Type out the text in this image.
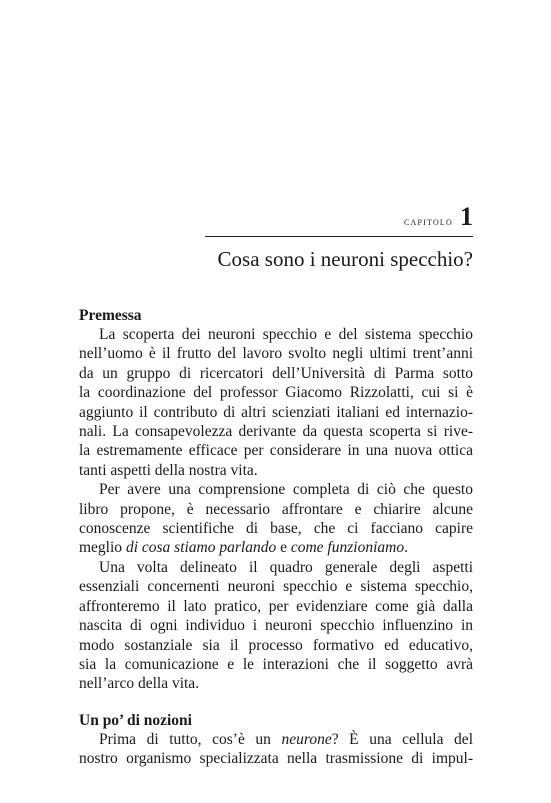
capitolo 1
Cosa sono i neuroni specchio?
Premessa
La scoperta dei neuroni specchio e del sistema specchio
nell’uomo è il frutto del lavoro svolto negli ultimi trent’anni
da un gruppo di ricercatori dell’Università di Parma sotto
la coordinazione del professor Giacomo Rizzolatti, cui si è
aggiunto il contributo di altri scienziati italiani ed internazio-
nali. La consapevolezza derivante da questa scoperta si rive-
la estremamente efficace per considerare in una nuova ottica
tanti aspetti della nostra vita.
Per avere una comprensione completa di ciò che questo
libro propone, è necessario affrontare e chiarire alcune
conoscenze scientifiche di base, che ci facciano capire
meglio di cosa stiamo parlando e come funzioniamo.
Una volta delineato il quadro generale degli aspetti
essenziali concernenti neuroni specchio e sistema specchio,
affronteremo il lato pratico, per evidenziare come già dalla
nascita di ogni individuo i neuroni specchio influenzino in
modo sostanziale sia il processo formativo ed educativo,
sia la comunicazione e le interazioni che il soggetto avrà
nell’arco della vita.
Un po’ di nozioni
Prima di tutto, cos’è un neurone? È una cellula del
nostro organismo specializzata nella trasmissione di impul-
